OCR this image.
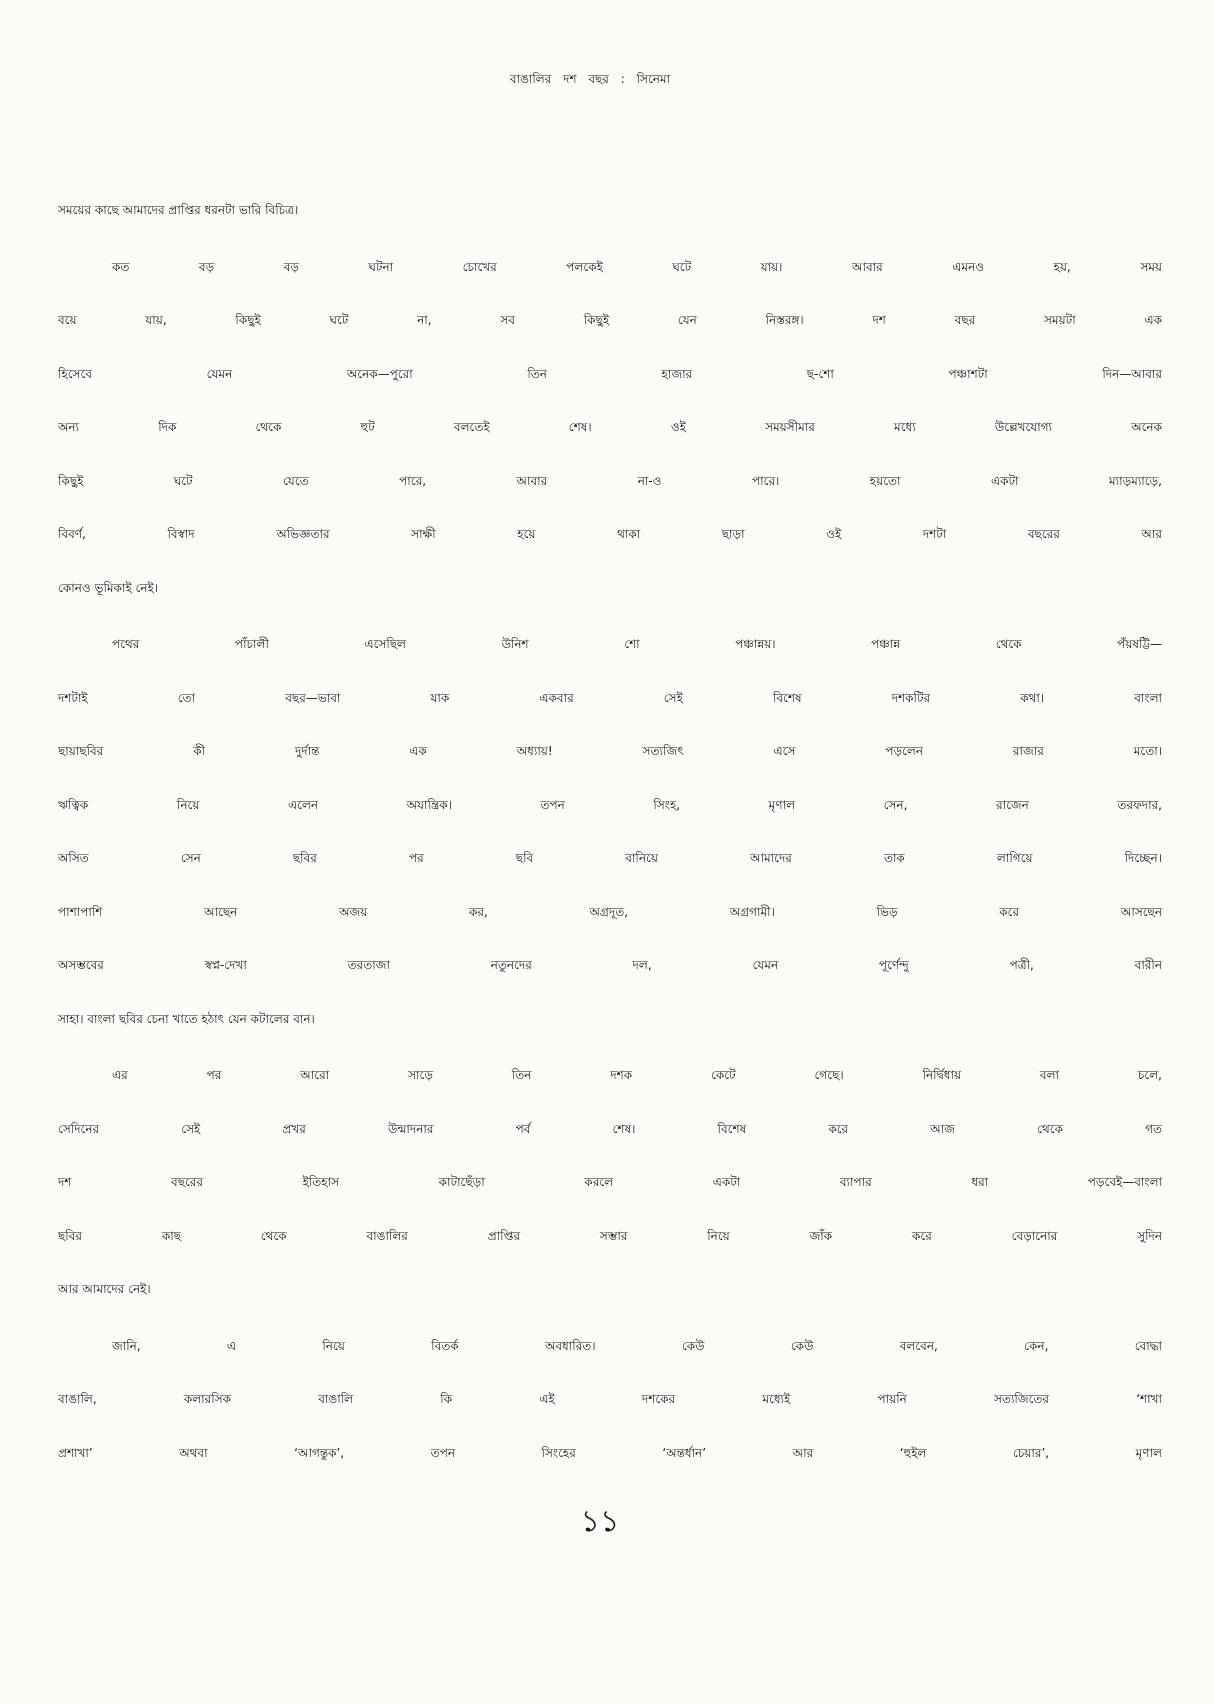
বাঙালির দশ বছর : সিনেমা
সময়ের কাছে আমাদের প্রাপ্তির ধরনটা ভারি বিচিত্র।
কত বড় বড় ঘটনা চোখের পলকেই ঘটে যায়। আবার এমনও হয়, সময়
বয়ে যায়, কিছুই ঘটে না, সব কিছুই যেন নিস্তরঙ্গ। দশ বছর সময়টা এক
হিসেবে যেমন অনেক—পুরো তিন হাজার ছ-শো পঞ্চাশটা দিন—আবার
অন্য দিক থেকে হুট বলতেই শেষ। ওই সময়সীমার মধ্যে উল্লেখযোগ্য অনেক
কিছুই ঘটে যেতে পারে, আবার না-ও পারে। হয়তো একটা ম্যাড়ম্যাড়ে,
বিবর্ণ, বিস্বাদ অভিজ্ঞতার সাক্ষী হয়ে থাকা ছাড়া ওই দশটা বছরের আর
কোনও ভূমিকাই নেই।
পথের পাঁচালী এসেছিল উনিশ শো পঞ্চান্নয়। পঞ্চান্ন থেকে পঁয়ষট্টি—
দশটাই তো বছর—ভাবা যাক একবার সেই বিশেষ দশকটির কথা। বাংলা
ছায়াছবির কী দুর্দান্ত এক অধ্যায়! সত্যজিৎ এসে পড়লেন রাজার মতো।
ঋত্বিক নিয়ে এলেন অযান্ত্রিক। তপন সিংহ, মৃণাল সেন, রাজেন তরফদার,
অসিত সেন ছবির পর ছবি বানিয়ে আমাদের তাক লাগিয়ে দিচ্ছেন।
পাশাপাশি আছেন অজয় কর, অগ্রদূত, অগ্রগামী। ভিড় করে আসছেন
অসম্ভবের স্বপ্ন-দেখা তরতাজা নতুনদের দল, যেমন পূর্ণেন্দু পত্রী, বারীন
সাহা। বাংলা ছবির চেনা খাতে হঠাৎ যেন কটালের বান।
এর পর আরো সাড়ে তিন দশক কেটে গেছে। নির্দ্বিধায় বলা চলে,
সেদিনের সেই প্রখর উন্মাদনার পর্ব শেষ। বিশেষ করে আজ থেকে গত
দশ বছরের ইতিহাস কাটাছেঁড়া করলে একটা ব্যাপার ধরা পড়বেই—বাংলা
ছবির কাছ থেকে বাঙালির প্রাপ্তির সম্ভার নিয়ে জাঁক করে বেড়ানোর সুদিন
আর আমাদের নেই।
জানি, এ নিয়ে বিতর্ক অবধারিত। কেউ কেউ বলবেন, কেন, বোদ্ধা
বাঙালি, কলারসিক বাঙালি কি এই দশকের মধ্যেই পায়নি সত্যজিতের ‘শাখা
প্রশাখা’ অথবা ‘আগন্তুক’, তপন সিংহের ‘অন্তর্ধান’ আর ‘হুইল চেয়ার’, মৃণাল
১১
